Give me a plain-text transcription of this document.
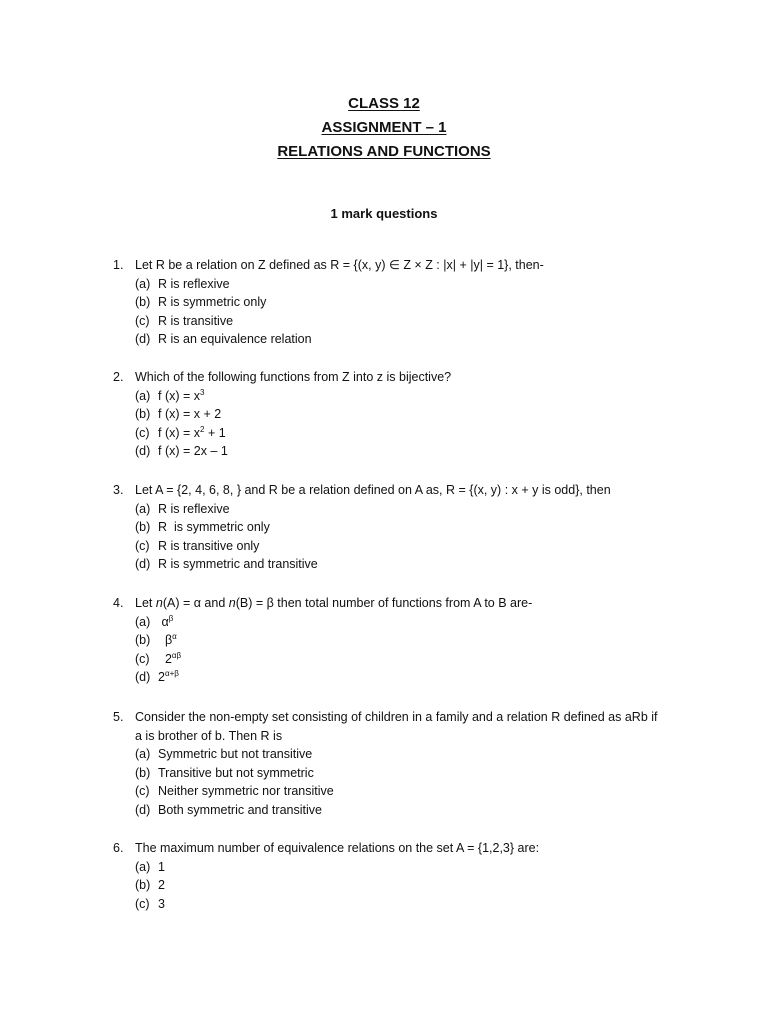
CLASS 12
ASSIGNMENT – 1
RELATIONS AND FUNCTIONS
1 mark questions
1. Let R be a relation on Z defined as R = {(x, y) ∈ Z × Z : |x| + |y| = 1}, then-
(a) R is reflexive
(b) R is symmetric only
(c) R is transitive
(d) R is an equivalence relation
2. Which of the following functions from Z into z is bijective?
(a) f $(x) = x^3$
(b) f (x) = x + 2
(c) f $(x) = x^2 + 1$
(d) f (x) = 2x – 1
3. Let A = {2, 4, 6, 8, } and R be a relation defined on A as, R = {(x, y) : x + y is odd}, then
(a) R is reflexive
(b) R  is symmetric only
(c) R is transitive only
(d) R is symmetric and transitive
4. Let n(A) = α and n(B) = β then total number of functions from A to B are-
(a) $\alpha^\beta$
(b) $\beta^\alpha$
(c) $2^{\alpha\beta}$
(d) $2^{\alpha+\beta}$
5. Consider the non-empty set consisting of children in a family and a relation R defined as aRb if
a is brother of b. Then R is
(a) Symmetric but not transitive
(b) Transitive but not symmetric
(c) Neither symmetric nor transitive
(d) Both symmetric and transitive
6. The maximum number of equivalence relations on the set A = {1,2,3} are:
(a) 1
(b) 2
(c) 3
